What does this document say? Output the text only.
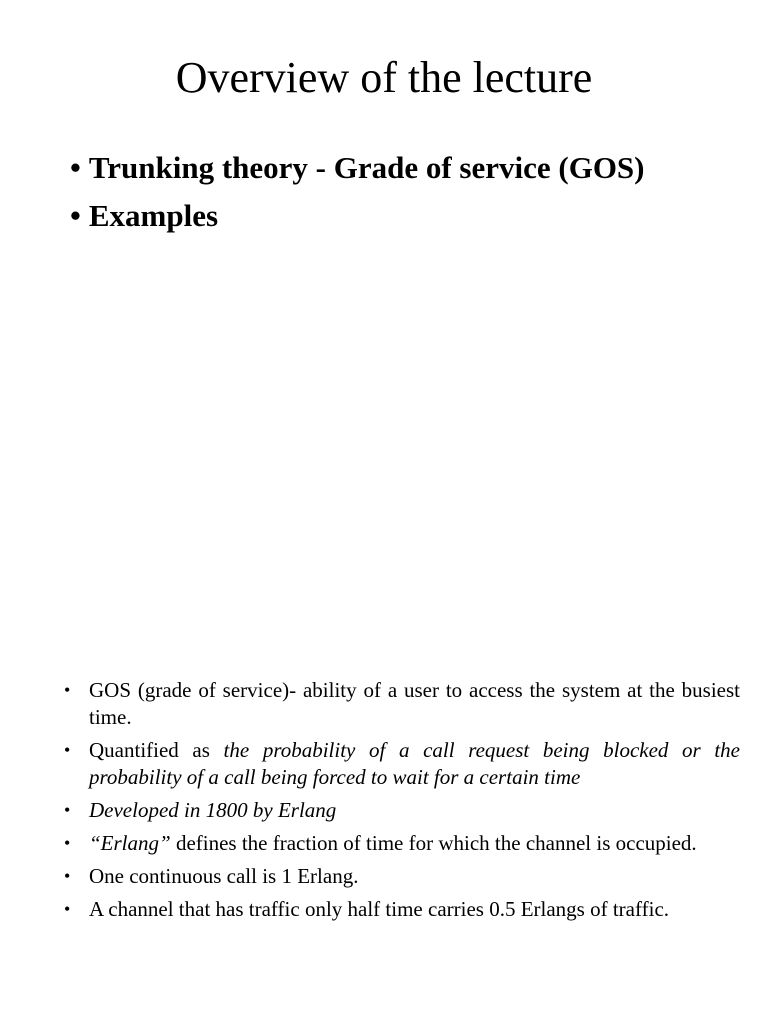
Overview of the lecture
• Trunking theory - Grade of service (GOS)
• Examples
• GOS (grade of service)- ability of a user to access the system at the busiest time.
• Quantified as the probability of a call request being blocked or the probability of a call being forced to wait for a certain time
• Developed in 1800 by Erlang
• “Erlang” defines the fraction of time for which the channel is occupied.
• One continuous call is 1 Erlang.
• A channel that has traffic only half time carries 0.5 Erlangs of traffic.
